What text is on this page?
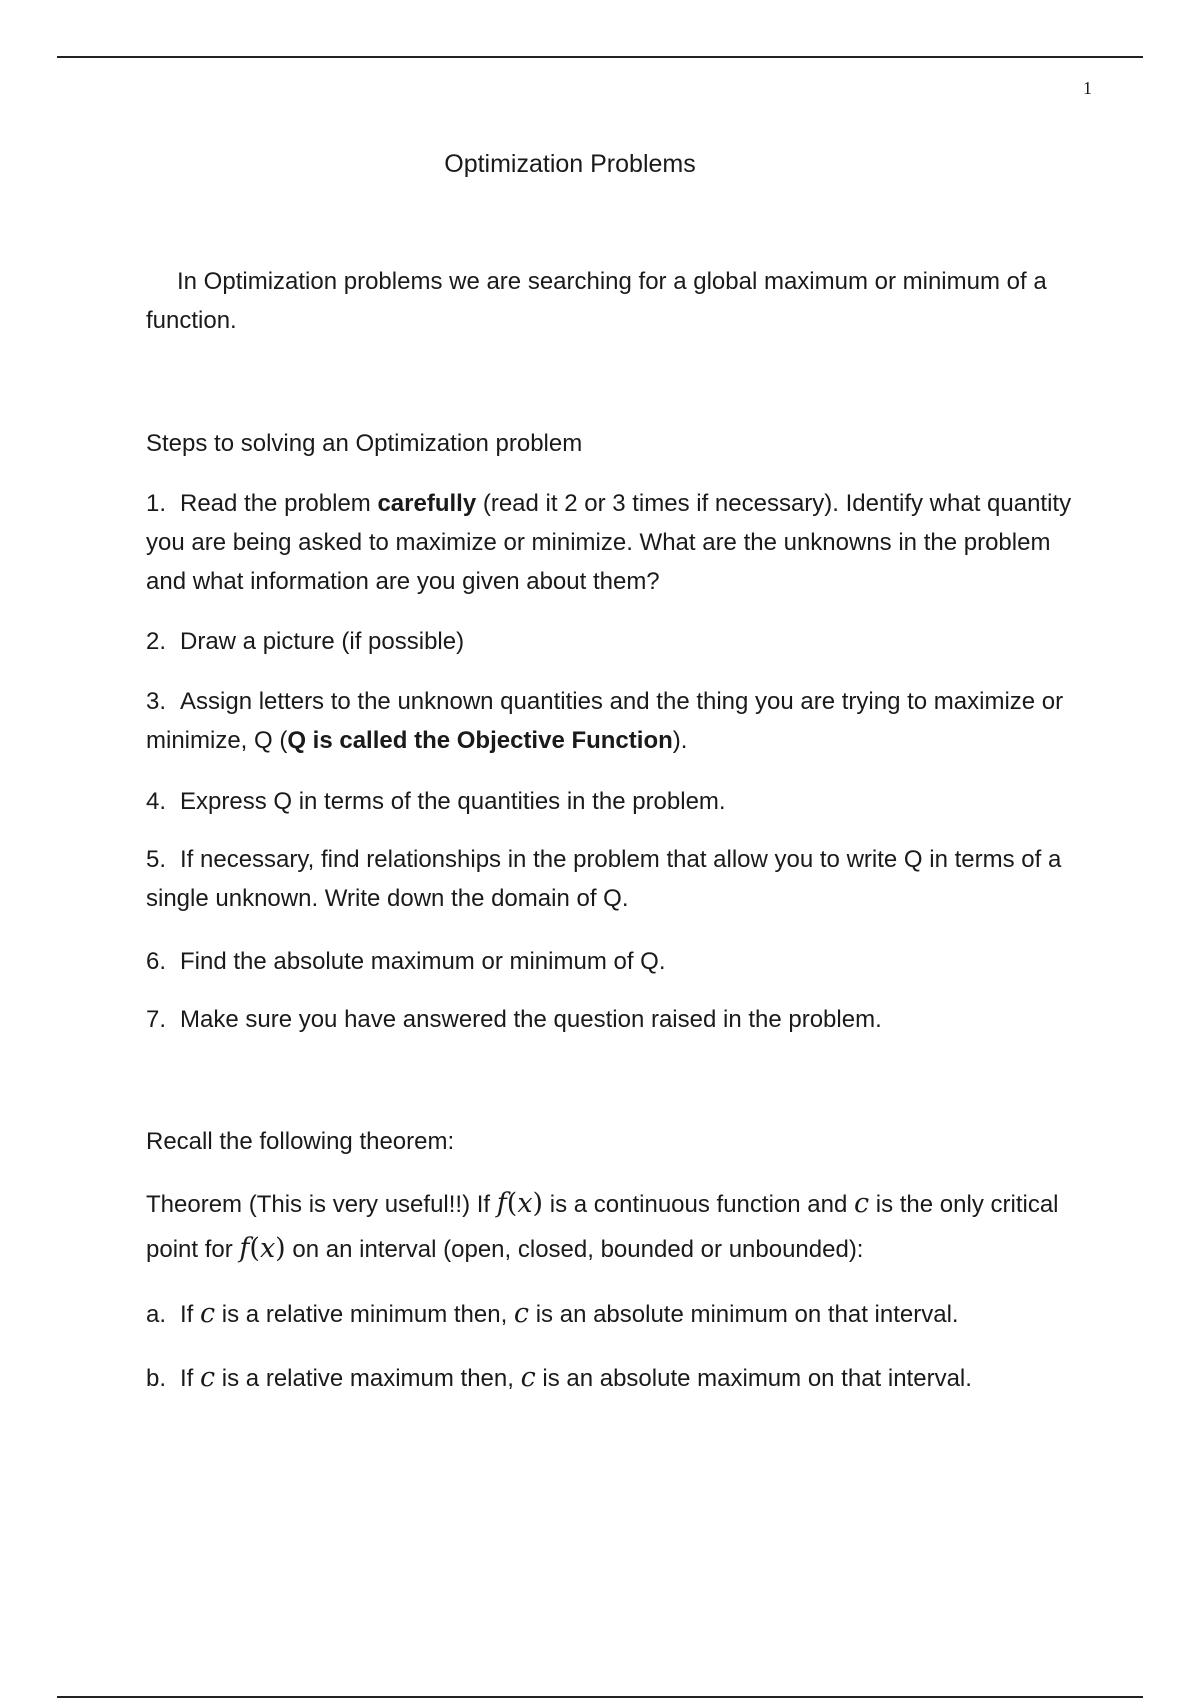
1
Optimization Problems
In Optimization problems we are searching for a global maximum or minimum of a function.
Steps to solving an Optimization problem
1. Read the problem carefully (read it 2 or 3 times if necessary). Identify what quantity you are being asked to maximize or minimize. What are the unknowns in the problem and what information are you given about them?
2. Draw a picture (if possible)
3. Assign letters to the unknown quantities and the thing you are trying to maximize or minimize, Q (Q is called the Objective Function).
4. Express Q in terms of the quantities in the problem.
5. If necessary, find relationships in the problem that allow you to write Q in terms of a single unknown. Write down the domain of Q.
6. Find the absolute maximum or minimum of Q.
7. Make sure you have answered the question raised in the problem.
Recall the following theorem:
Theorem (This is very useful!!) If f(x) is a continuous function and c is the only critical point for f(x) on an interval (open, closed, bounded or unbounded):
a. If c is a relative minimum then, c is an absolute minimum on that interval.
b. If c is a relative maximum then, c is an absolute maximum on that interval.
